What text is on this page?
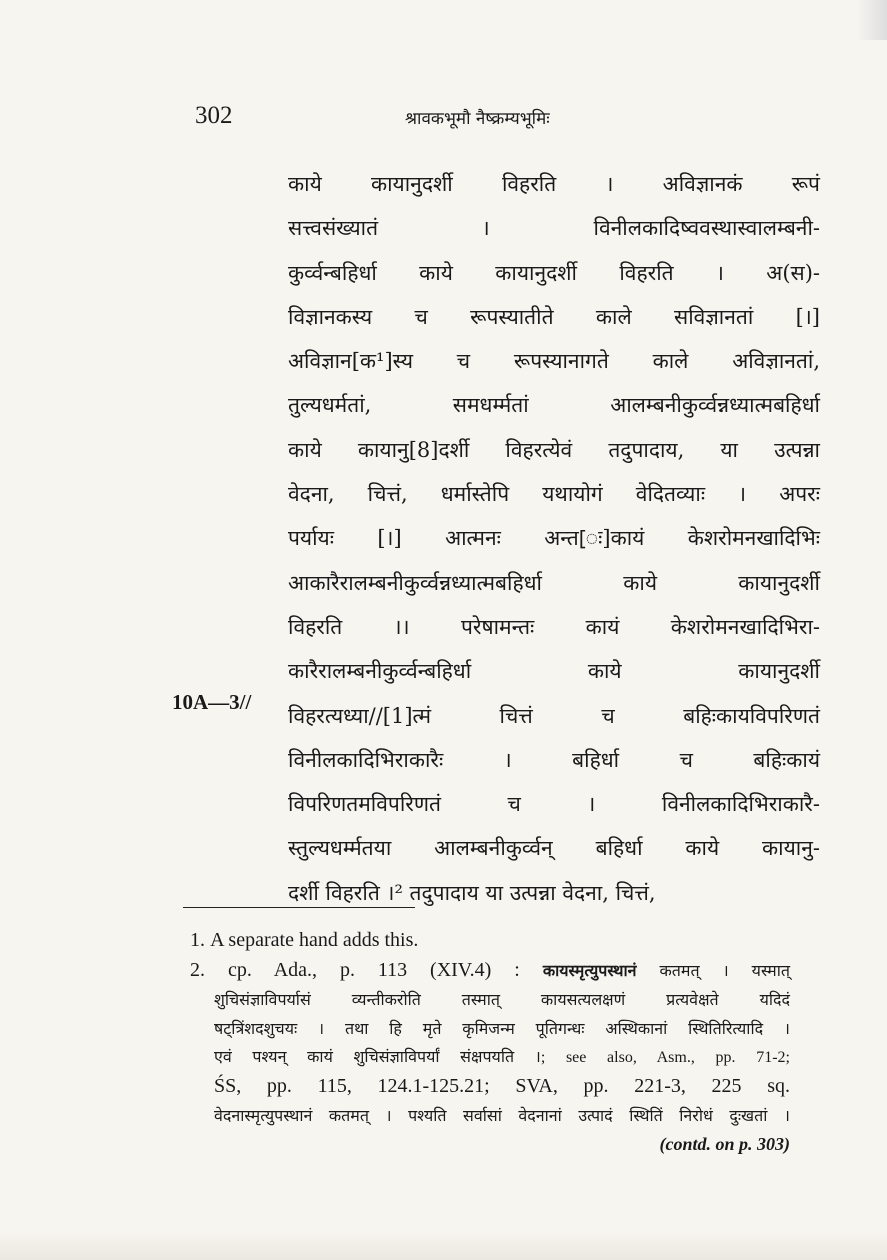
302	श्रावकभूमौ नैष्क्रम्यभूमिः
10A—3//
काये कायानुदर्शी विहरति । अविज्ञानकं रूपं
सत्त्वसंख्यातं । विनीलकादिष्ववस्थास्वालम्बनी-
कुर्व्वन्बहिर्धा काये कायानुदर्शी विहरति । अ(स)-
विज्ञानकस्य च रूपस्यातीते काले सविज्ञानतां [।]
अविज्ञान[क¹]स्य च रूपस्यानागते काले अविज्ञानतां,
तुल्यधर्मतां, समधर्म्मतां आलम्बनीकुर्व्वन्नध्यात्मबहिर्धा
काये कायानु[8]दर्शी विहरत्येवं तदुपादाय, या उत्पन्ना
वेदना, चित्तं, धर्मास्तेपि यथायोगं वेदितव्याः । अपरः
पर्यायः [।] आत्मनः अन्त[ः]कायं केशरोमनखादिभिः
आकारैरालम्बनीकुर्व्वन्नध्यात्मबहिर्धा काये कायानुदर्शी
विहरति ।। परेषामन्तः कायं केशरोमनखादिभिरा-
कारैरालम्बनीकुर्व्वन्बहिर्धा काये कायानुदर्शी
विहरत्यध्या//[1]त्मं चित्तं च बहिःकायविपरिणतं
विनीलकादिभिराकारैः । बहिर्धा च बहिःकायं
विपरिणतमविपरिणतं च । विनीलकादिभिराकारै-
स्तुल्यधर्म्मतया आलम्बनीकुर्व्वन् बहिर्धा काये कायानु-
दर्शी विहरति ।² तदुपादाय या उत्पन्ना वेदना, चित्तं,
1. A separate hand adds this.
2. cp. Ada., p. 113 (XIV.4) : कायस्मृत्युपस्थानं कतमत् । यस्मात्
शुचिसंज्ञाविपर्यासं व्यन्तीकरोति तस्मात् कायसत्यलक्षणं प्रत्यवेक्षते यदिदं
षट्त्रिंशदशुचयः । तथा हि मृते कृमिजन्म पूतिगन्धः अस्थिकानां स्थितिरित्यादि ।
एवं पश्यन् कायं शुचिसंज्ञाविपर्यां संक्षपयति ।; see also, Asm., pp. 71-2;
ŚS, pp. 115, 124.1-125.21; SVA, pp. 221-3, 225 sq.
वेदनास्मृत्युपस्थानं कतमत् । पश्यति सर्वासां वेदनानां उत्पादं स्थितिं निरोधं दुःखतां ।
(contd. on p. 303)
